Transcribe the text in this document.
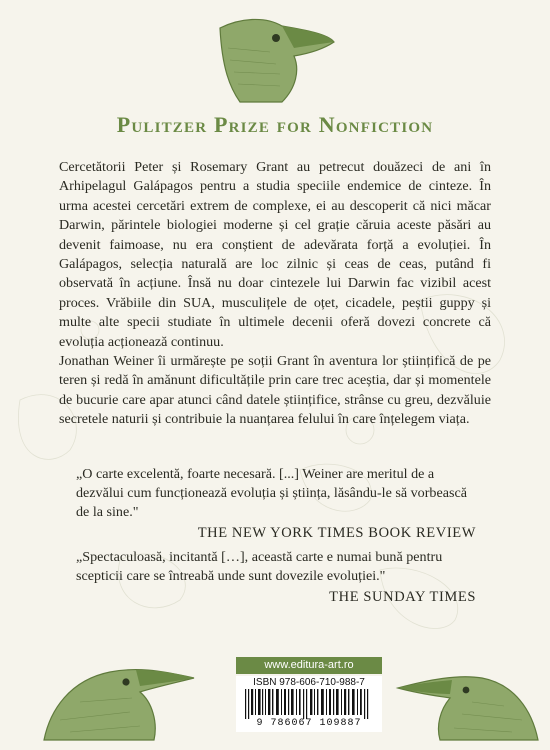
Pulitzer Prize for Nonfiction

Cercetătorii Peter și Rosemary Grant au petrecut douăzeci de ani în Arhipelagul Galápagos pentru a studia speciile endemice de cinteze. În urma acestei cercetări extrem de complexe, ei au descoperit că nici măcar Darwin, părintele biologiei moderne și cel grație căruia aceste păsări au devenit faimoase, nu era conștient de adevărata forță a evoluției. În Galápagos, selecția naturală are loc zilnic și ceas de ceas, putând fi observată în acțiune. Însă nu doar cintezele lui Darwin fac vizibil acest proces. Vrăbiile din SUA, musculițele de oțet, cicadele, peștii guppy și multe alte specii studiate în ultimele decenii oferă dovezi concrete că evoluția acționează continuu.

Jonathan Weiner îi urmărește pe soții Grant în aventura lor științifică de pe teren și redă în amănunt dificultățile prin care trec aceștia, dar și momentele de bucurie care apar atunci când datele științifice, strânse cu greu, dezvăluie secretele naturii și contribuie la nuanțarea felului în care înțelegem viața.

„O carte excelentă, foarte necesară. [...] Weiner are meritul de a dezvălui cum funcționează evoluția și știința, lăsându-le să vorbească de la sine."

THE NEW YORK TIMES BOOK REVIEW

„Spectaculoasă, incitantă […], această carte e numai bună pentru scepticii care se întreabă unde sunt dovezile evoluției."

THE SUNDAY TIMES

www.editura-art.ro
ISBN 978-606-710-988-7
9 786067 109887
